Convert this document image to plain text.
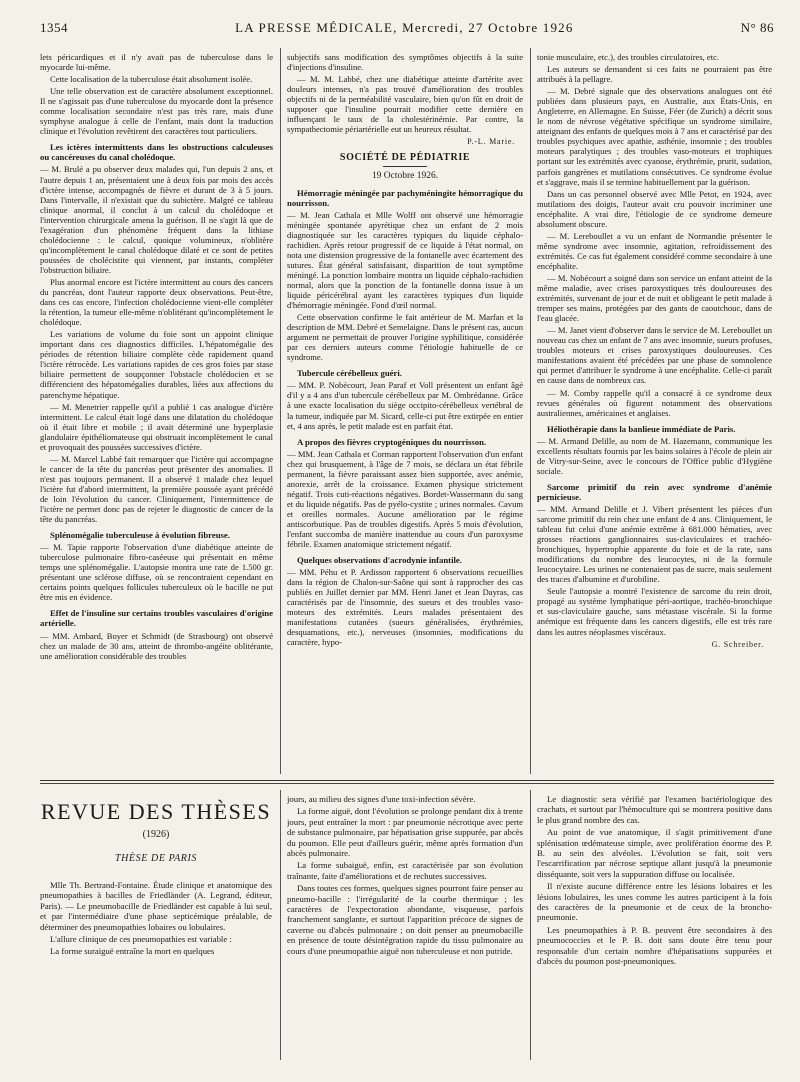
1354	LA PRESSE MÉDICALE, Mercredi, 27 Octobre 1926	N° 86

lets péricardiques et il n'y avait pas de tuberculose dans le myocarde lui-même.

Cette localisation de la tuberculose était absolument isolée.

Une telle observation est de caractère absolument exceptionnel. Il ne s'agissait pas d'une tuberculose du myocarde dont la présence comme localisation secondaire n'est pas très rare, mais d'une symphyse analogue à celle de l'enfant, mais dont la traduction clinique et l'évolution revêtirent des caractères tout particuliers.

Les ictères intermittents dans les obstructions calculeuses ou cancéreuses du canal cholédoque.

— M. Brulé a pu observer deux malades qui, l'un depuis 2 ans, et l'autre depuis 1 an, présentaient une à deux fois par mois des accès d'ictère intense, accompagnés de fièvre et durant de 3 à 5 jours. Dans l'intervalle, il n'existait que du subictère. Malgré ce tableau clinique anormal, il conclut à un calcul du cholédoque et l'intervention chirurgicale amena la guérison. Il ne s'agit là que de l'exagération d'un phénomène fréquent dans la lithiase cholédocienne : le calcul, quoique volumineux, n'oblitère qu'incomplètement le canal cholédoque dilaté et ce sont de petites poussées de cholécistite qui viennent, par instants, compléter l'obstruction biliaire.

Plus anormal encore est l'ictère intermittent au cours des cancers du pancréas, dont l'auteur rapporte deux observations. Peut-être, dans ces cas encore, l'infection cholédocienne vient-elle compléter la rétention, la tumeur elle-même n'oblitérant qu'incomplètement le cholédoque.

Les variations de volume du foie sont un appoint clinique important dans ces diagnostics difficiles. L'hépatomégalie des périodes de rétention biliaire complète cède rapidement quand l'ictère rétrocède. Les variations rapides de ces gros foies par stase biliaire permettent de soupçonner l'obstacle cholédocien et se différencient des hépatomégalies durables, liées aux affections du parenchyme hépatique.

— M. Menetrier rappelle qu'il a publié 1 cas analogue d'ictère intermittent. Le calcul était logé dans une dilatation du cholédoque où il était libre et mobile ; il avait déterminé une hyperplasie glandulaire épithéliomateuse qui obstruait incomplètement le canal et provoquait des poussées successives d'ictère.

— M. Marcel Labbé fait remarquer que l'ictère qui accompagne le cancer de la tête du pancréas peut présenter des anomalies. Il n'est pas toujours permanent. Il a observé 1 malade chez lequel l'ictère fut d'abord intermittent, la première poussée ayant précédé de loin l'évolution du cancer. Cliniquement, l'intermittence de l'ictère ne permet donc pas de rejeter le diagnostic de cancer de la tête du pancréas.

Splénomégalie tuberculeuse à évolution fibreuse.

— M. Tapie rapporte l'observation d'une diabétique atteinte de tuberculose pulmonaire fibro-caséeuse qui présentait en même temps une splénomégalie. L'autopsie montra une rate de 1.500 gr. présentant une sclérose diffuse, où se rencontraient cependant en certains points quelques follicules tuberculeux où le bacille ne put être mis en évidence.

Effet de l'insuline sur certains troubles vasculaires d'origine artérielle.

— MM. Ambard, Boyer et Schmidt (de Strasbourg) ont observé chez un malade de 30 ans, atteint de thrombo-angéite oblitérante, une amélioration considérable des troubles

subjectifs sans modification des symptômes objectifs à la suite d'injections d'insuline.

— M. M. Labbé, chez une diabétique atteinte d'artérite avec douleurs intenses, n'a pas trouvé d'amélioration des troubles objectifs ni de la perméabilité vasculaire, bien qu'on fût en droit de supposer que l'insuline pourrait modifier cette dernière en influençant le taux de la cholestérinémie. Par contre, la sympathectomie périartérielle eut un heureux résultat.

P.-L. Marie.

SOCIÉTÉ DE PÉDIATRIE

19 Octobre 1926.

Hémorragie méningée par pachyméningite hémorragique du nourrisson.

— M. Jean Cathala et Mlle Wolff ont observé une hémorragie méningée spontanée apyrétique chez un enfant de 2 mois diagnostiquée sur les caractères typiques du liquide céphalo-rachidien. Après retour progressif de ce liquide à l'état normal, on nota une distension progressive de la fontanelle avec écartement des sutures. État général satisfaisant, disparition de tout symptôme méningé. La ponction lombaire montra un liquide céphalo-rachidien normal, alors que la ponction de la fontanelle donna issue à un liquide péricérébral ayant les caractères typiques d'un liquide d'hémorragie méningée. Fond d'œil normal.

Cette observation confirme le fait antérieur de M. Marfan et la description de MM. Debré et Semelaigne. Dans le présent cas, aucun argument ne permettait de prouver l'origine syphilitique, considérée par ces derniers auteurs comme l'étiologie habituelle de ce syndrome.

Tubercule cérébelleux guéri.

— MM. P. Nobécourt, Jean Paraf et Voll présentent un enfant âgé d'il y a 4 ans d'un tubercule cérébelleux par M. Ombrédanne. Grâce à une exacte localisation du siège occipito-cérébelleux vertébral de la tumeur, indiquée par M. Sicard, celle-ci put être extirpée en entier et, 4 ans après, le petit malade est en parfait état.

A propos des fièvres cryptogéniques du nourrisson.

— MM. Jean Cathala et Corman rapportent l'observation d'un enfant chez qui brusquement, à l'âge de 7 mois, se déclara un état fébrile permanent, la fièvre paraissant assez bien supportée, avec anémie, anorexie, arrêt de la croissance. Examen physique strictement négatif. Trois cuti-réactions négatives. Bordet-Wassermann du sang et du liquide négatifs. Pas de pyélo-cystite ; urines normales. Cavum et oreilles normales. Aucune amélioration par le régime antiscorbutique. Pas de troubles digestifs. Après 5 mois d'évolution, l'enfant succomba de manière inattendue au cours d'un paroxysme fébrile. Examen anatomique strictement négatif.

Quelques observations d'acrodynie infantile.

— MM. Péhu et P. Ardisson rapportent 6 observations recueillies dans la région de Chalon-sur-Saône qui sont à rapprocher des cas publiés en Juillet dernier par MM. Henri Janet et Jean Dayras, cas caractérisés par de l'insomnie, des sueurs et des troubles vaso-moteurs des extrémités. Leurs malades présentaient des manifestations cutanées (sueurs généralisées, érythrémies, desquamations, etc.), nerveuses (insomnies, modifications du caractère, hypo-

tonie musculaire, etc.), des troubles circulatoires, etc.

Les auteurs se demandent si ces faits ne pourraient pas être attribués à la pellagre.

— M. Debré signale que des observations analogues ont été publiées dans plusieurs pays, en Australie, aux États-Unis, en Angleterre, en Allemagne. En Suisse, Féer (de Zurich) a décrit sous le nom de névrose végétative spécifique un syndrome similaire, atteignant des enfants de quelques mois à 7 ans et caractérisé par des troubles psychiques avec apathie, asthénie, insomnie ; des troubles moteurs paralytiques ; des troubles vaso-moteurs et trophiques portant sur les extrémités avec cyanose, érythrémie, prurit, sudation, parfois gangrènes et mutilations consécutives. Ce syndrome évolue et s'aggrave, mais il se termine habituellement par la guérison.

Dans un cas personnel observé avec Mlle Petot, en 1924, avec mutilations des doigts, l'auteur avait cru pouvoir incriminer une encéphalite. A vrai dire, l'étiologie de ce syndrome demeure absolument obscure.

— M. Lereboullet a vu un enfant de Normandie présenter le même syndrome avec insomnie, agitation, refroidissement des extrémités. Ce cas fut également considéré comme secondaire à une encéphalite.

— M. Nobécourt a soigné dans son service un enfant atteint de la même maladie, avec crises paroxystiques très douloureuses des extrémités, survenant de jour et de nuit et obligeant le petit malade à tremper ses mains, protégées par des gants de caoutchouc, dans de l'eau glacée.

— M. Janet vient d'observer dans le service de M. Lereboullet un nouveau cas chez un enfant de 7 ans avec insomnie, sueurs profuses, troubles moteurs et crises paroxystiques douloureuses. Ces manifestations avaient été précédées par une phase de somnolence qui permet d'attribuer le syndrome à une encéphalite. Celle-ci paraît en cause dans de nombreux cas.

— M. Comby rappelle qu'il a consacré à ce syndrome deux revues générales où figurent notamment des observations australiennes, américaines et anglaises.

Héliothérapie dans la banlieue immédiate de Paris.

— M. Armand Delille, au nom de M. Hazemann, communique les excellents résultats fournis par les bains solaires à l'école de plein air de Vitry-sur-Seine, avec le concours de l'Office public d'Hygiène sociale.

Sarcome primitif du rein avec syndrome d'anémie pernicieuse.

— MM. Armand Delille et J. Vibert présentent les pièces d'un sarcome primitif du rein chez une enfant de 4 ans. Cliniquement, le tableau fut celui d'une anémie extrême à 681.000 hématies, avec grosses réactions ganglionnaires sus-claviculaires et trachéo-bronchiques, hypertrophie apparente du foie et de la rate, sans modifications du nombre des leucocytes, ni de la formule leucocytaire. Les urines ne contenaient pas de sucre, mais seulement des traces d'albumine et d'urobiline.

Seule l'autopsie a montré l'existence de sarcome du rein droit, propagé au système lymphatique péri-aortique, trachéo-bronchique et sus-claviculaire gauche, sans métastase viscérale. Si la forme anémique est fréquente dans les cancers digestifs, elle est très rare dans les autres néoplasmes viscéraux.

G. Schreiber.

REVUE DES THÈSES
(1926)
THÈSE DE PARIS

Mlle Th. Bertrand-Fontaine. Étude clinique et anatomique des pneumopathies à bacilles de Friedländer (A. Legrand, éditeur, Paris). — Le pneumobacille de Friedländer est capable à lui seul, et par l'intermédiaire d'une phase septicémique préalable, de déterminer des pneumopathies lobaires ou lobulaires.

L'allure clinique de ces pneumopathies est variable :

La forme suraiguë entraîne la mort en quelques

jours, au milieu des signes d'une toxi-infection sévère.

La forme aiguë, dont l'évolution se prolonge pendant dix à trente jours, peut entraîner la mort : par pneumonie nécrotique avec perte de substance pulmonaire, par hépatisation grise suppurée, par abcès du poumon. Elle peut d'ailleurs guérir, même après formation d'un abcès pulmonaire.

La forme subaiguë, enfin, est caractérisée par son évolution traînante, faite d'améliorations et de rechutes successives.

Dans toutes ces formes, quelques signes pourront faire penser au pneumo-bacille : l'irrégularité de la courbe thermique ; les caractères de l'expectoration abondante, visqueuse, parfois franchement sanglante, et surtout l'apparition précoce de signes de caverne ou d'abcès pulmonaire ; on doit penser au pneumobacille en présence de toute désintégration rapide du tissu pulmonaire au cours d'une pneumopathie aiguë non tuberculeuse et non putride.

Le diagnostic sera vérifié par l'examen bactériologique des crachats, et surtout par l'hémoculture qui se montrera positive dans le plus grand nombre des cas.

Au point de vue anatomique, il s'agit primitivement d'une splénisation œdémateuse simple, avec prolifération énorme des P. B. au sein des alvéoles. L'évolution se fait, soit vers l'escarrification par nécrose septique allant jusqu'à la pneumonie disséquante, soit vers la suppuration diffuse ou localisée.

Il n'existe aucune différence entre les lésions lobaires et les lésions lobulaires, les unes comme les autres participent à la fois des caractères de la pneumonie et de ceux de la broncho-pneumonie.

Les pneumopathies à P. B. peuvent être secondaires à des pneumococcies et le P. B. doit sans doute être tenu pour responsable d'un certain nombre d'hépatisations suppurées et d'abcès du poumon post-pneumoniques.
